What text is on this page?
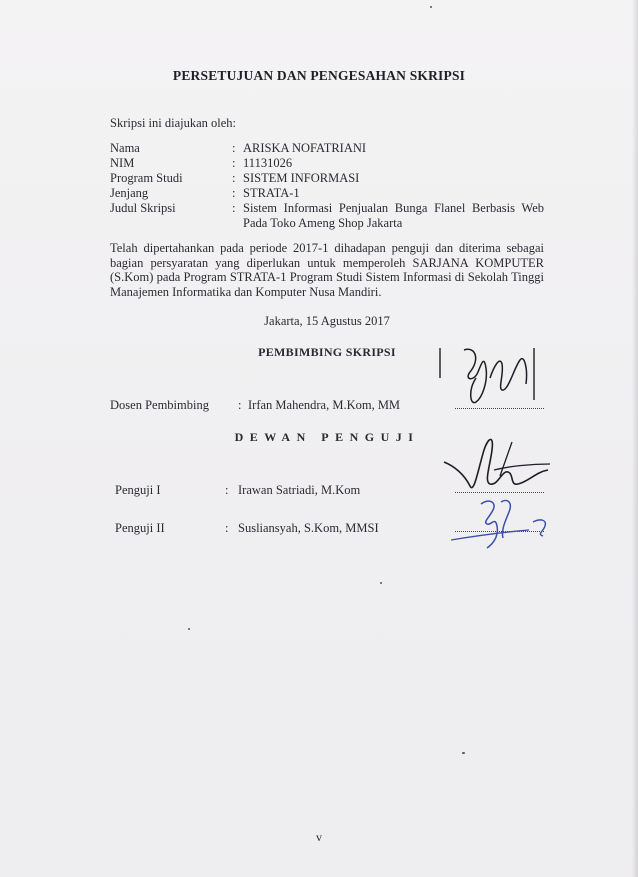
PERSETUJUAN DAN PENGESAHAN SKRIPSI
Skripsi ini diajukan oleh:
Nama	: ARISKA NOFATRIANI
NIM	: 11131026
Program Studi	: SISTEM INFORMASI
Jenjang	: STRATA-1
Judul Skripsi	: Sistem Informasi Penjualan Bunga Flanel Berbasis Web
Pada Toko Ameng Shop Jakarta
Telah dipertahankan pada periode 2017-1 dihadapan penguji dan diterima sebagai bagian persyaratan yang diperlukan untuk memperoleh SARJANA KOMPUTER (S.Kom) pada Program STRATA-1 Program Studi Sistem Informasi di Sekolah Tinggi Manajemen Informatika dan Komputer Nusa Mandiri.
Jakarta, 15 Agustus 2017
PEMBIMBING SKRIPSI
Dosen Pembimbing : Irfan Mahendra, M.Kom, MM
DEWAN PENGUJI
Penguji I	: Irawan Satriadi, M.Kom
Penguji II	: Susliansyah, S.Kom, MMSI
v
